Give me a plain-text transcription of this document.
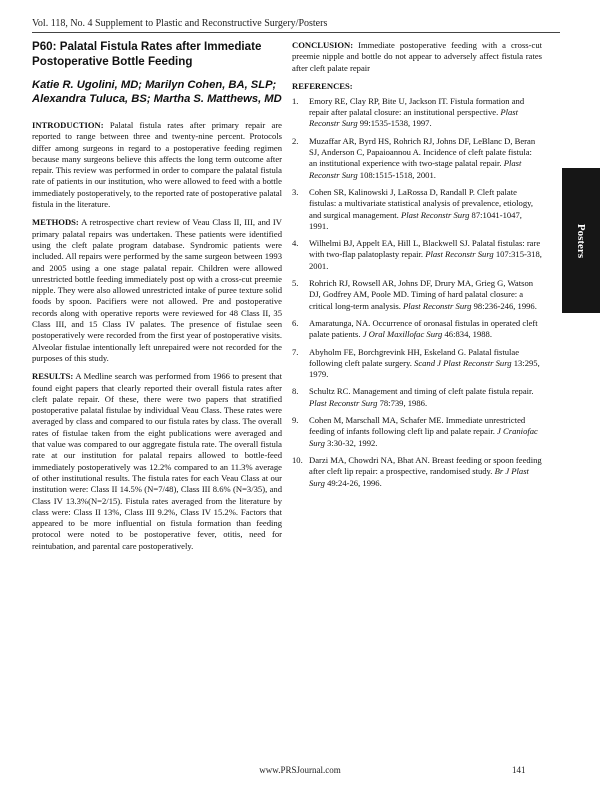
Vol. 118, No. 4 Supplement to Plastic and Reconstructive Surgery/Posters
P60: Palatal Fistula Rates after Immediate Postoperative Bottle Feeding
Katie R. Ugolini, MD; Marilyn Cohen, BA, SLP; Alexandra Tuluca, BS; Martha S. Matthews, MD

INTRODUCTION: Palatal fistula rates after primary repair are reported to range between three and twenty-nine percent. Protocols differ among surgeons in regard to a postoperative feeding regimen because many surgeons believe this affects the long term outcome after repair. This review was performed in order to compare the palatal fistula rate of patients in our institution, who were allowed to feed with a bottle immediately postoperatively, to the reported rate of postoperative palatal fistula in the literature.

METHODS: A retrospective chart review of Veau Class II, III, and IV primary palatal repairs was undertaken. These patients were identified using the cleft palate program database. Syndromic patients were included. All repairs were performed by the same surgeon between 1993 and 2005 using a one stage palatal repair. Children were allowed unrestricted bottle feeding immediately post op with a cross-cut preemie nipple. They were also allowed unrestricted intake of puree texture solid foods by spoon. Pacifiers were not allowed. Pre and postoperative records along with operative reports were reviewed for 48 Class II, 35 Class III, and 15 Class IV palates. The presence of fistulae seen postoperatively were recorded from the first year of postoperative visits. Alveolar fistulae intentionally left unrepaired were not recorded for the purposes of this study.

RESULTS: A Medline search was performed from 1966 to present that found eight papers that clearly reported their overall fistula rates after cleft palate repair. Of these, there were two papers that stratified postoperative palatal fistulae by individual Veau Class. These rates were averaged by class and compared to our fistula rates by class. The overall rates of fistulae taken from the eight publications were averaged and that value was compared to our aggregate fistula rate. The overall fistula rate at our institution for palatal repairs allowed to bottle-feed immediately postoperatively was 12.2% compared to an 11.3% average of other institutional results. The fistula rates for each Veau Class at our institution were: Class II 14.5% (N=7/48), Class III 8.6% (N=3/35), and Class IV 13.3%(N=2/15). Fistula rates averaged from the literature by class were: Class II 13%, Class III 9.2%, Class IV 15.2%. Factors that appeared to be more influential on fistula formation than feeding protocol were noted to be postoperative fever, otitis, need for reintubation, and parental care postoperatively.

CONCLUSION: Immediate postoperative feeding with a cross-cut preemie nipple and bottle do not appear to adversely affect fistula rates after cleft palate repair

REFERENCES:
1. Emory RE, Clay RP, Bite U, Jackson IT. Fistula formation and repair after palatal closure: an institutional perspective. Plast Reconstr Surg 99:1535-1538, 1997.
2. Muzaffar AR, Byrd HS, Rohrich RJ, Johns DF, LeBlanc D, Beran SJ, Anderson C, Papaioannou A. Incidence of cleft palate fistula: an institutional experience with two-stage palatal repair. Plast Reconstr Surg 108:1515-1518, 2001.
3. Cohen SR, Kalinowski J, LaRossa D, Randall P. Cleft palate fistulas: a multivariate statistical analysis of prevalence, etiology, and surgical management. Plast Reconstr Surg 87:1041-1047, 1991.
4. Wilhelmi BJ, Appelt EA, Hill L, Blackwell SJ. Palatal fistulas: rare with two-flap palatoplasty repair. Plast Reconstr Surg 107:315-318, 2001.
5. Rohrich RJ, Rowsell AR, Johns DF, Drury MA, Grieg G, Watson DJ, Godfrey AM, Poole MD. Timing of hard palatal closure: a critical long-term analysis. Plast Reconstr Surg 98:236-246, 1996.
6. Amaratunga, NA. Occurrence of oronasal fistulas in operated cleft palate patients. J Oral Maxillofac Surg 46:834, 1988.
7. Abyholm FE, Borchgrevink HH, Eskeland G. Palatal fistulae following cleft palate surgery. Scand J Plast Reconstr Surg 13:295, 1979.
8. Schultz RC. Management and timing of cleft palate fistula repair. Plast Reconstr Surg 78:739, 1986.
9. Cohen M, Marschall MA, Schafer ME. Immediate unrestricted feeding of infants following cleft lip and palate repair. J Craniofac Surg 3:30-32, 1992.
10. Darzi MA, Chowdri NA, Bhat AN. Breast feeding or spoon feeding after cleft lip repair: a prospective, randomised study. Br J Plast Surg 49:24-26, 1996.
Posters
www.PRSJournal.com	141
